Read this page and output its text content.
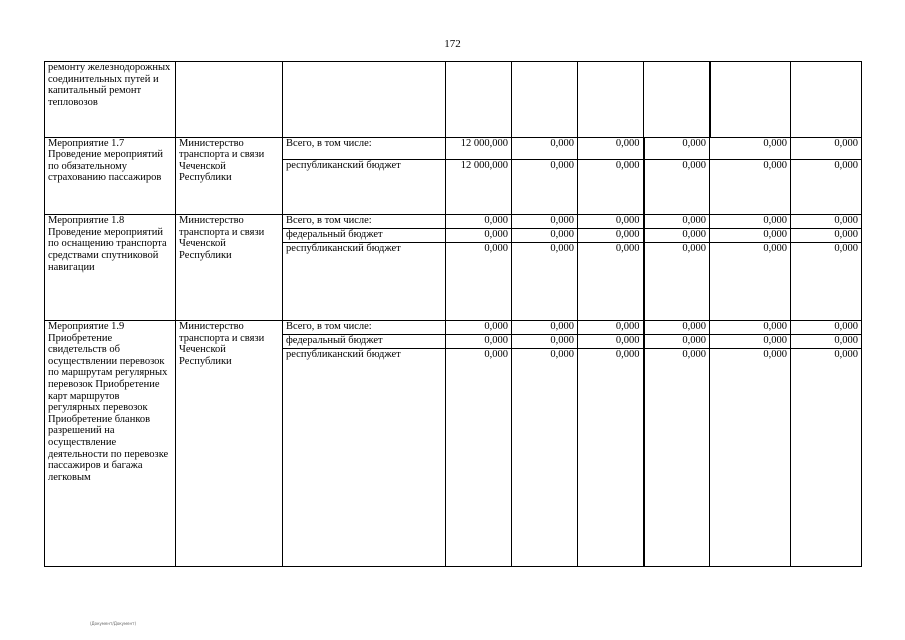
172
ремонту железнодорожных соединительных путей и капитальный ремонт тепловозов								
Мероприятие 1.7 Проведение мероприятий по обязательному страхованию пассажиров	Министерство транспорта и связи Чеченской Республики	Всего, в том числе:	12 000,000	0,000	0,000	0,000	0,000	0,000
		республиканский бюджет	12 000,000	0,000	0,000	0,000	0,000	0,000
Мероприятие 1.8 Проведение мероприятий по оснащению транспорта средствами спутниковой навигации	Министерство транспорта и связи Чеченской Республики	Всего, в том числе:	0,000	0,000	0,000	0,000	0,000	0,000
		федеральный бюджет	0,000	0,000	0,000	0,000	0,000	0,000
		республиканский бюджет	0,000	0,000	0,000	0,000	0,000	0,000
Мероприятие 1.9 Приобретение свидетельств об осуществлении перевозок по маршрутам регулярных перевозок Приобретение карт маршрутов регулярных перевозок Приобретение бланков разрешений на осуществление деятельности по перевозке пассажиров и багажа легковым	Министерство транспорта и связи Чеченской Республики	Всего, в том числе:	0,000	0,000	0,000	0,000	0,000	0,000
		федеральный бюджет	0,000	0,000	0,000	0,000	0,000	0,000
		республиканский бюджет	0,000	0,000	0,000	0,000	0,000	0,000
(Документ/Документ)
